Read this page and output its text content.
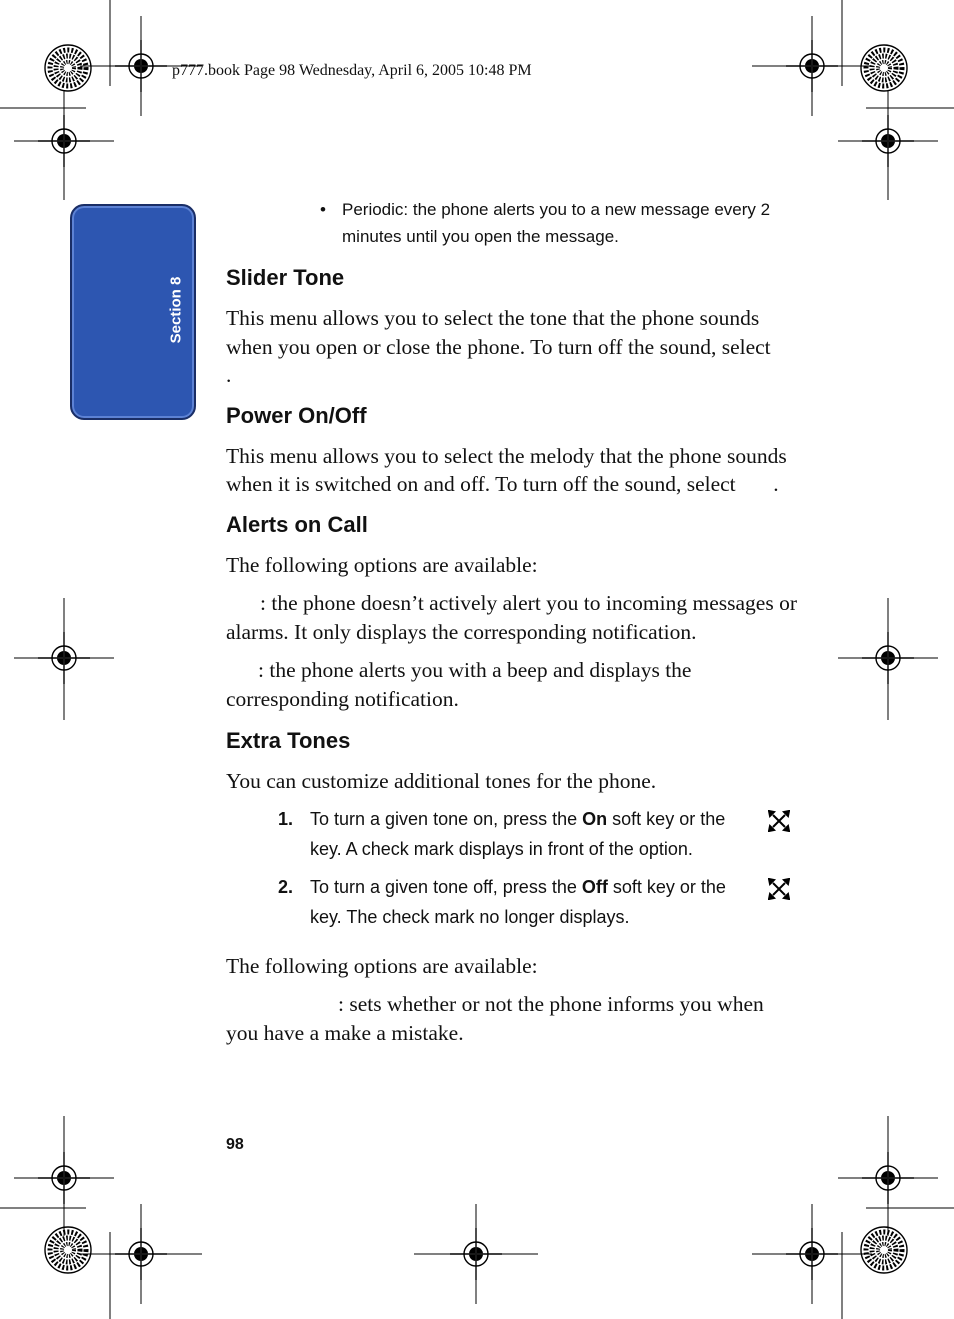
p777.book Page 98 Wednesday, April 6, 2005 10:48 PM
Section 8
• Periodic: the phone alerts you to a new message every 2 minutes until you open the message.
Slider Tone

This menu allows you to select the tone that the phone sounds when you open or close the phone. To turn off the sound, select       .

Power On/Off

This menu allows you to select the melody that the phone sounds when it is switched on and off. To turn off the sound, select       .

Alerts on Call

The following options are available:

: the phone doesn’t actively alert you to incoming messages or alarms. It only displays the corresponding notification.

: the phone alerts you with a beep and displays the corresponding notification.

Extra Tones

You can customize additional tones for the phone.

1. To turn a given tone on, press the On soft key or the       key. A check mark displays in front of the option.
2. To turn a given tone off, press the Off soft key or the       key. The check mark no longer displays.

The following options are available:

: sets whether or not the phone informs you when you have a make a mistake.

98
